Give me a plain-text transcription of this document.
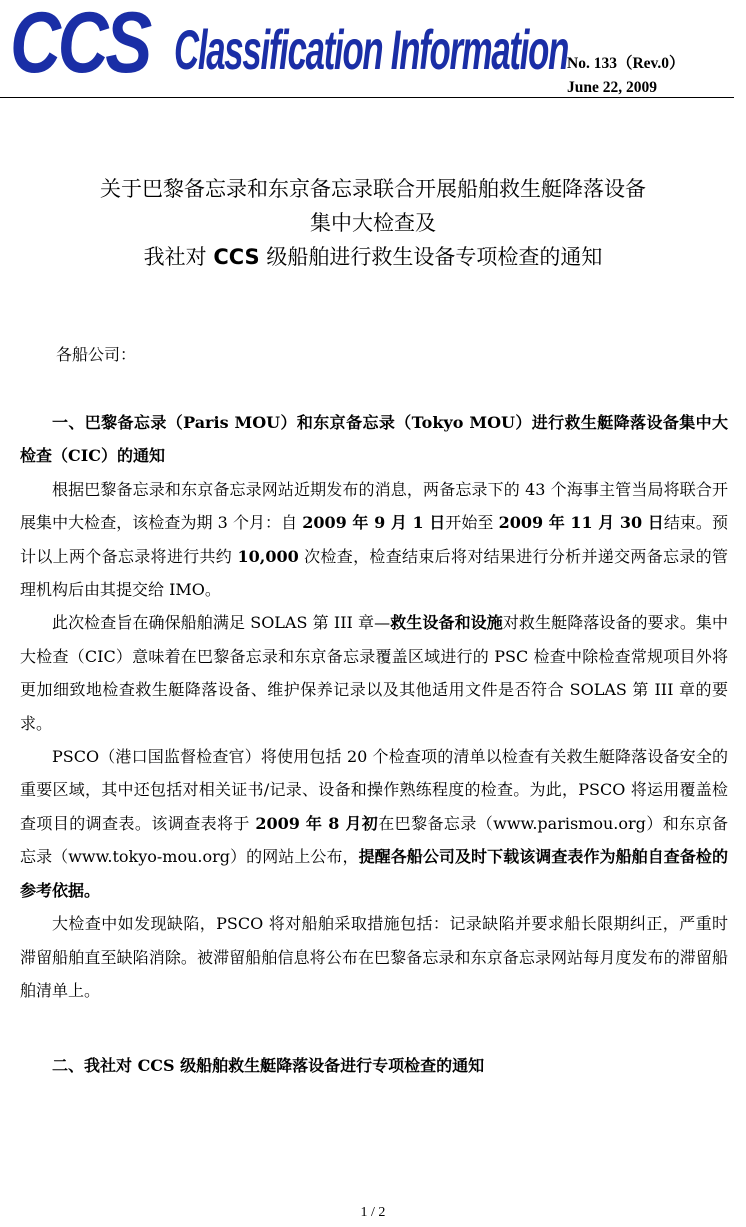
CCS Classification Information
No. 133（Rev.0）
June 22, 2009
关于巴黎备忘录和东京备忘录联合开展船舶救生艇降落设备
集中大检查及
我社对 CCS 级船舶进行救生设备专项检查的通知
各船公司：

一、巴黎备忘录（Paris MOU）和东京备忘录（Tokyo MOU）进行救生艇降落设备集中大检查（CIC）的通知

根据巴黎备忘录和东京备忘录网站近期发布的消息，两备忘录下的 43 个海事主管当局将联合开展集中大检查，该检查为期 3 个月：自 2009 年 9 月 1 日开始至 2009 年 11 月 30 日结束。预计以上两个备忘录将进行共约 10,000 次检查，检查结束后将对结果进行分析并递交两备忘录的管理机构后由其提交给 IMO。

此次检查旨在确保船舶满足 SOLAS 第 III 章—救生设备和设施对救生艇降落设备的要求。集中大检查（CIC）意味着在巴黎备忘录和东京备忘录覆盖区域进行的 PSC 检查中除检查常规项目外将更加细致地检查救生艇降落设备、维护保养记录以及其他适用文件是否符合 SOLAS 第 III 章的要求。

PSCO（港口国监督检查官）将使用包括 20 个检查项的清单以检查有关救生艇降落设备安全的重要区域，其中还包括对相关证书/记录、设备和操作熟练程度的检查。为此，PSCO 将运用覆盖检查项目的调查表。该调查表将于 2009 年 8 月初在巴黎备忘录（www.parismou.org）和东京备忘录（www.tokyo-mou.org）的网站上公布，提醒各船公司及时下载该调查表作为船舶自查备检的参考依据。

大检查中如发现缺陷，PSCO 将对船舶采取措施包括：记录缺陷并要求船长限期纠正，严重时滞留船舶直至缺陷消除。被滞留船舶信息将公布在巴黎备忘录和东京备忘录网站每月度发布的滞留船舶清单上。

二、我社对 CCS 级船舶救生艇降落设备进行专项检查的通知

1 / 2
